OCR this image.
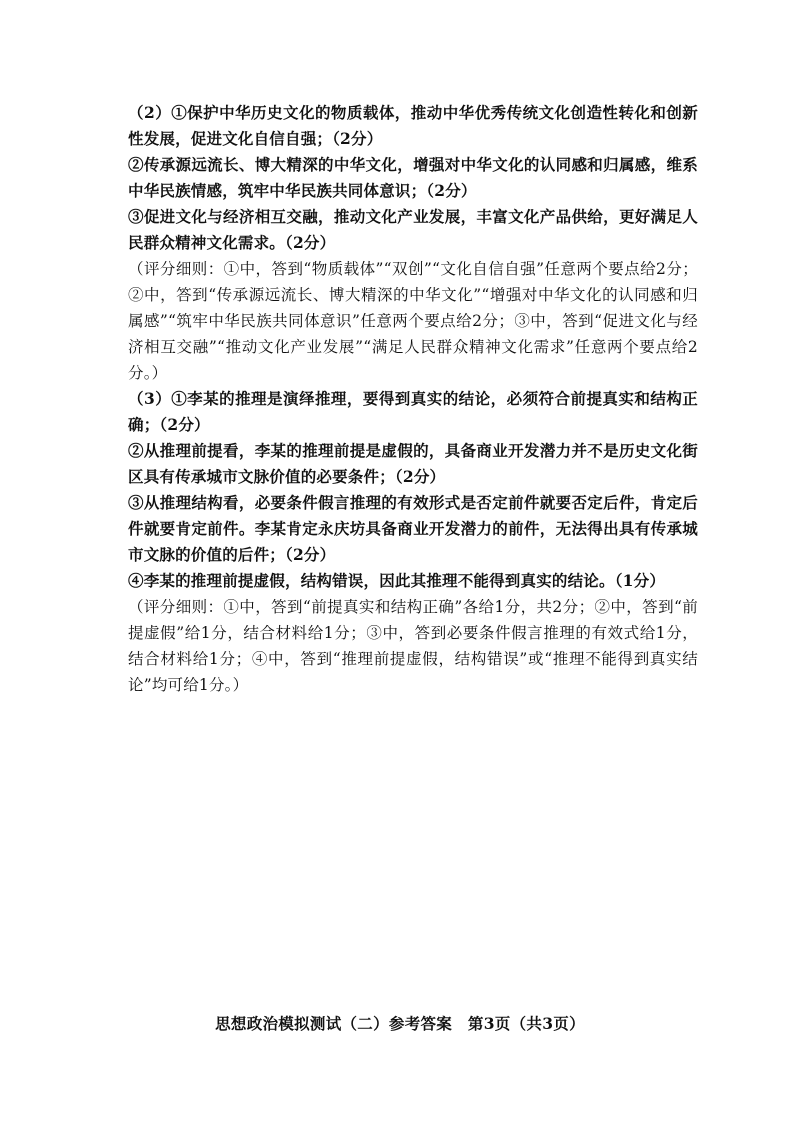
（2）①保护中华历史文化的物质载体，推动中华优秀传统文化创造性转化和创新性发展，促进文化自信自强；（2分）

②传承源远流长、博大精深的中华文化，增强对中华文化的认同感和归属感，维系中华民族情感，筑牢中华民族共同体意识；（2分）

③促进文化与经济相互交融，推动文化产业发展，丰富文化产品供给，更好满足人民群众精神文化需求。（2分）

（评分细则：①中，答到“物质载体”“双创”“文化自信自强”任意两个要点给2分；②中，答到“传承源远流长、博大精深的中华文化”“增强对中华文化的认同感和归属感”“筑牢中华民族共同体意识”任意两个要点给2分；③中，答到“促进文化与经济相互交融”“推动文化产业发展”“满足人民群众精神文化需求”任意两个要点给2分。）

（3）①李某的推理是演绎推理，要得到真实的结论，必须符合前提真实和结构正确；（2分）

②从推理前提看，李某的推理前提是虚假的，具备商业开发潜力并不是历史文化街区具有传承城市文脉价值的必要条件；（2分）

③从推理结构看，必要条件假言推理的有效形式是否定前件就要否定后件，肯定后件就要肯定前件。李某肯定永庆坊具备商业开发潜力的前件，无法得出具有传承城市文脉的价值的后件；（2分）

④李某的推理前提虚假，结构错误，因此其推理不能得到真实的结论。（1分）

（评分细则：①中，答到“前提真实和结构正确”各给1分，共2分；②中，答到“前提虚假”给1分，结合材料给1分；③中，答到必要条件假言推理的有效式给1分，结合材料给1分；④中，答到“推理前提虚假，结构错误”或“推理不能得到真实结论”均可给1分。）

思想政治模拟测试（二）参考答案　第3页（共3页）
